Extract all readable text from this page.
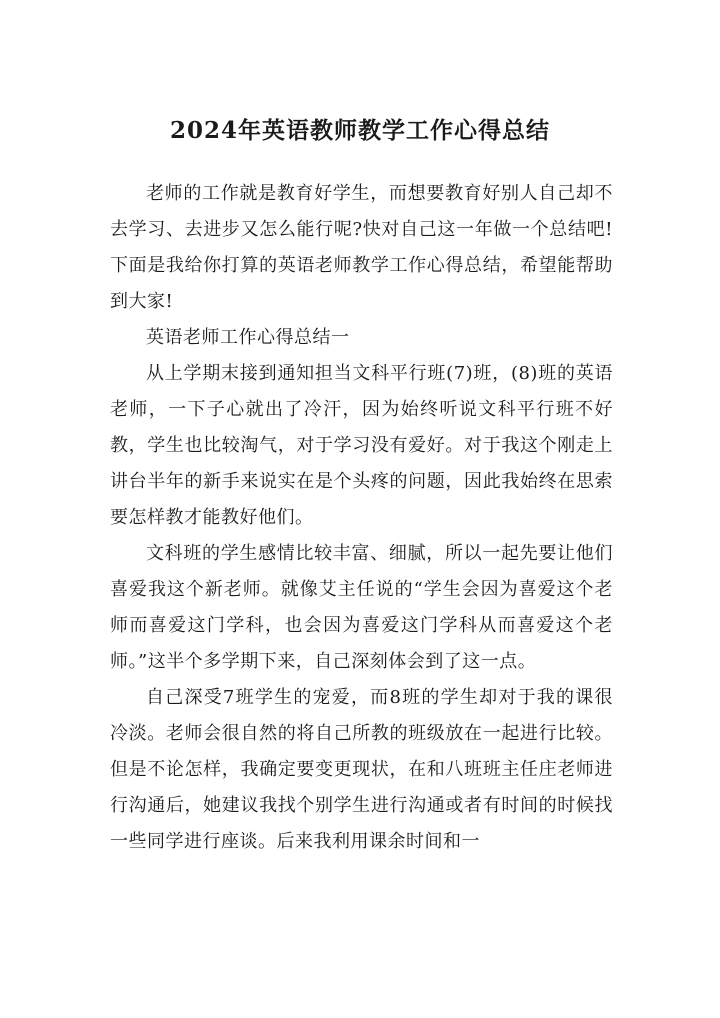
2024年英语教师教学工作心得总结

老师的工作就是教育好学生，而想要教育好别人自己却不去学习、去进步又怎么能行呢?快对自己这一年做一个总结吧!下面是我给你打算的英语老师教学工作心得总结，希望能帮助到大家!

英语老师工作心得总结一

从上学期末接到通知担当文科平行班(7)班，(8)班的英语老师，一下子心就出了冷汗，因为始终听说文科平行班不好教，学生也比较淘气，对于学习没有爱好。对于我这个刚走上讲台半年的新手来说实在是个头疼的问题，因此我始终在思索要怎样教才能教好他们。

文科班的学生感情比较丰富、细腻，所以一起先要让他们喜爱我这个新老师。就像艾主任说的“学生会因为喜爱这个老师而喜爱这门学科，也会因为喜爱这门学科从而喜爱这个老师。”这半个多学期下来，自己深刻体会到了这一点。

自己深受7班学生的宠爱，而8班的学生却对于我的课很冷淡。老师会很自然的将自己所教的班级放在一起进行比较。但是不论怎样，我确定要变更现状，在和八班班主任庄老师进行沟通后，她建议我找个别学生进行沟通或者有时间的时候找一些同学进行座谈。后来我利用课余时间和一
